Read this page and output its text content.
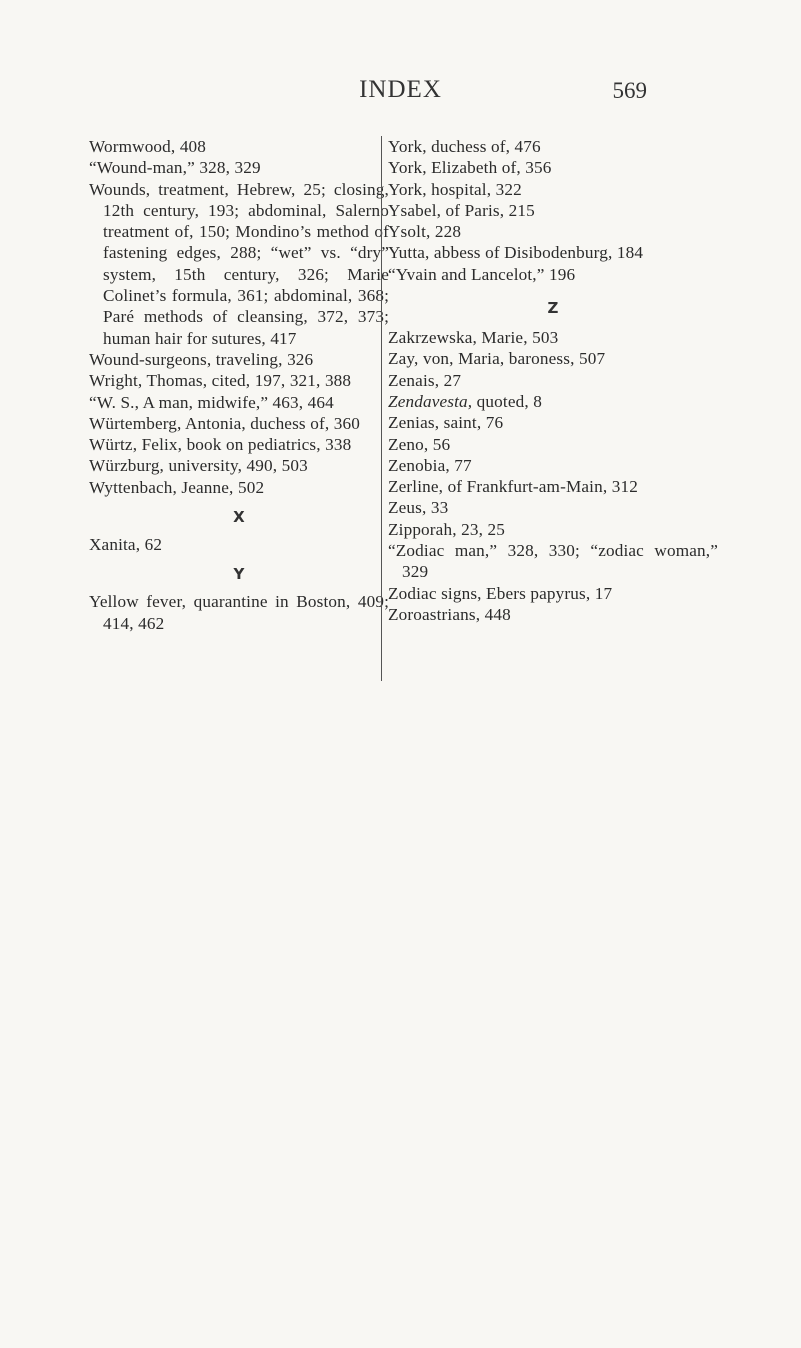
INDEX	569
Wormwood, 408
“Wound-man,” 328, 329
Wounds, treatment, Hebrew, 25; closing, 12th century, 193; abdominal, Salerno treatment of, 150; Mondino’s method of fastening edges, 288; “wet” vs. “dry” system, 15th century, 326; Marie Colinet’s formula, 361; abdominal, 368; Paré methods of cleansing, 372, 373; human hair for sutures, 417
Wound-surgeons, traveling, 326
Wright, Thomas, cited, 197, 321, 388
“W. S., A man, midwife,” 463, 464
Würtemberg, Antonia, duchess of, 360
Würtz, Felix, book on pediatrics, 338
Würzburg, university, 490, 503
Wyttenbach, Jeanne, 502
X
Xanita, 62
Y
Yellow fever, quarantine in Boston, 409; 414, 462
York, duchess of, 476
York, Elizabeth of, 356
York, hospital, 322
Ysabel, of Paris, 215
Ysolt, 228
Yutta, abbess of Disibodenburg, 184
“Yvain and Lancelot,” 196
Z
Zakrzewska, Marie, 503
Zay, von, Maria, baroness, 507
Zenais, 27
Zendavesta, quoted, 8
Zenias, saint, 76
Zeno, 56
Zenobia, 77
Zerline, of Frankfurt-am-Main, 312
Zeus, 33
Zipporah, 23, 25
“Zodiac man,” 328, 330; “zodiac woman,” 329
Zodiac signs, Ebers papyrus, 17
Zoroastrians, 448
